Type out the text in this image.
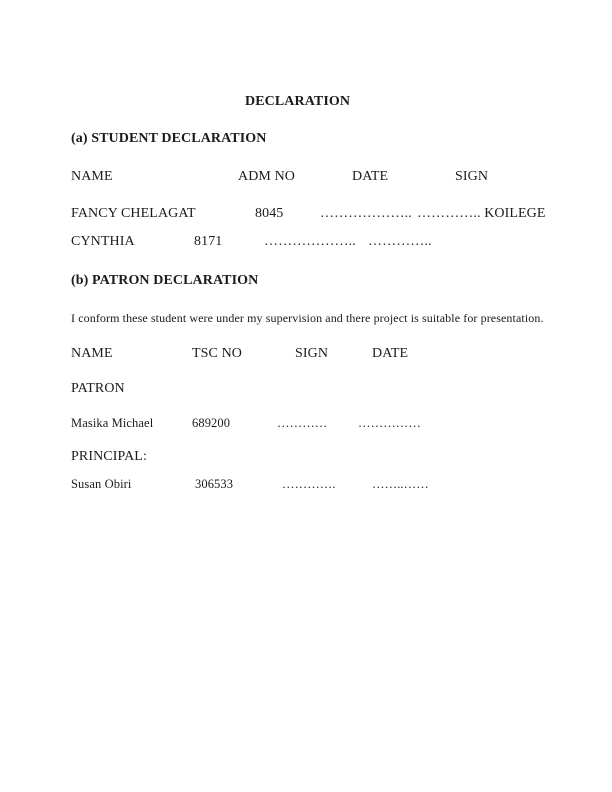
DECLARATION
(a) STUDENT DECLARATION
NAME	ADM NO	DATE	SIGN
FANCY CHELAGAT	8045	……………….. ………….. KOILEGE
CYNTHIA	8171	……………….. …………..
(b) PATRON DECLARATION
I conform these student were under my supervision and there project is suitable for presentation.
NAME	TSC NO	SIGN	DATE
PATRON
Masika Michael	689200	………… ……………
PRINCIPAL:
Susan Obiri	306533	………….	……..……
